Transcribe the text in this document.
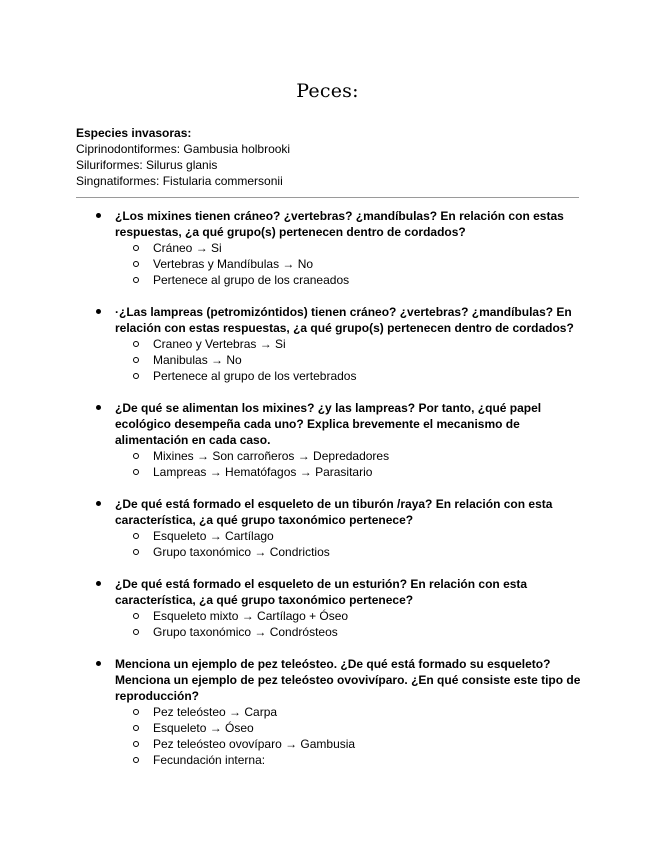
Peces:
Especies invasoras:
Ciprinodontiformes: Gambusia holbrooki
Siluriformes: Silurus glanis
Singnatiformes: Fistularia commersonii
¿Los mixines tienen cráneo? ¿vertebras? ¿mandíbulas? En relación con estas respuestas, ¿a qué grupo(s) pertenecen dentro de cordados?
Cráneo → Si
Vertebras y Mandíbulas → No
Pertenece al grupo de los craneados
·¿Las lampreas (petromizóntidos) tienen cráneo? ¿vertebras? ¿mandíbulas? En relación con estas respuestas, ¿a qué grupo(s) pertenecen dentro de cordados?
Craneo y Vertebras → Si
Manibulas → No
Pertenece al grupo de los vertebrados
¿De qué se alimentan los mixines? ¿y las lampreas? Por tanto, ¿qué papel ecológico desempeña cada uno? Explica brevemente el mecanismo de alimentación en cada caso.
Mixines → Son carroñeros → Depredadores
Lampreas → Hematófagos → Parasitario
¿De qué está formado el esqueleto de un tiburón /raya? En relación con esta característica, ¿a qué grupo taxonómico pertenece?
Esqueleto → Cartílago
Grupo taxonómico → Condrictios
¿De qué está formado el esqueleto de un esturión? En relación con esta característica, ¿a qué grupo taxonómico pertenece?
Esqueleto mixto → Cartílago + Óseo
Grupo taxonómico → Condrósteos
Menciona un ejemplo de pez teleósteo. ¿De qué está formado su esqueleto? Menciona un ejemplo de pez teleósteo ovovivíparo. ¿En qué consiste este tipo de reproducción?
Pez teleósteo → Carpa
Esqueleto → Óseo
Pez teleósteo ovovíparo → Gambusia
Fecundación interna:
